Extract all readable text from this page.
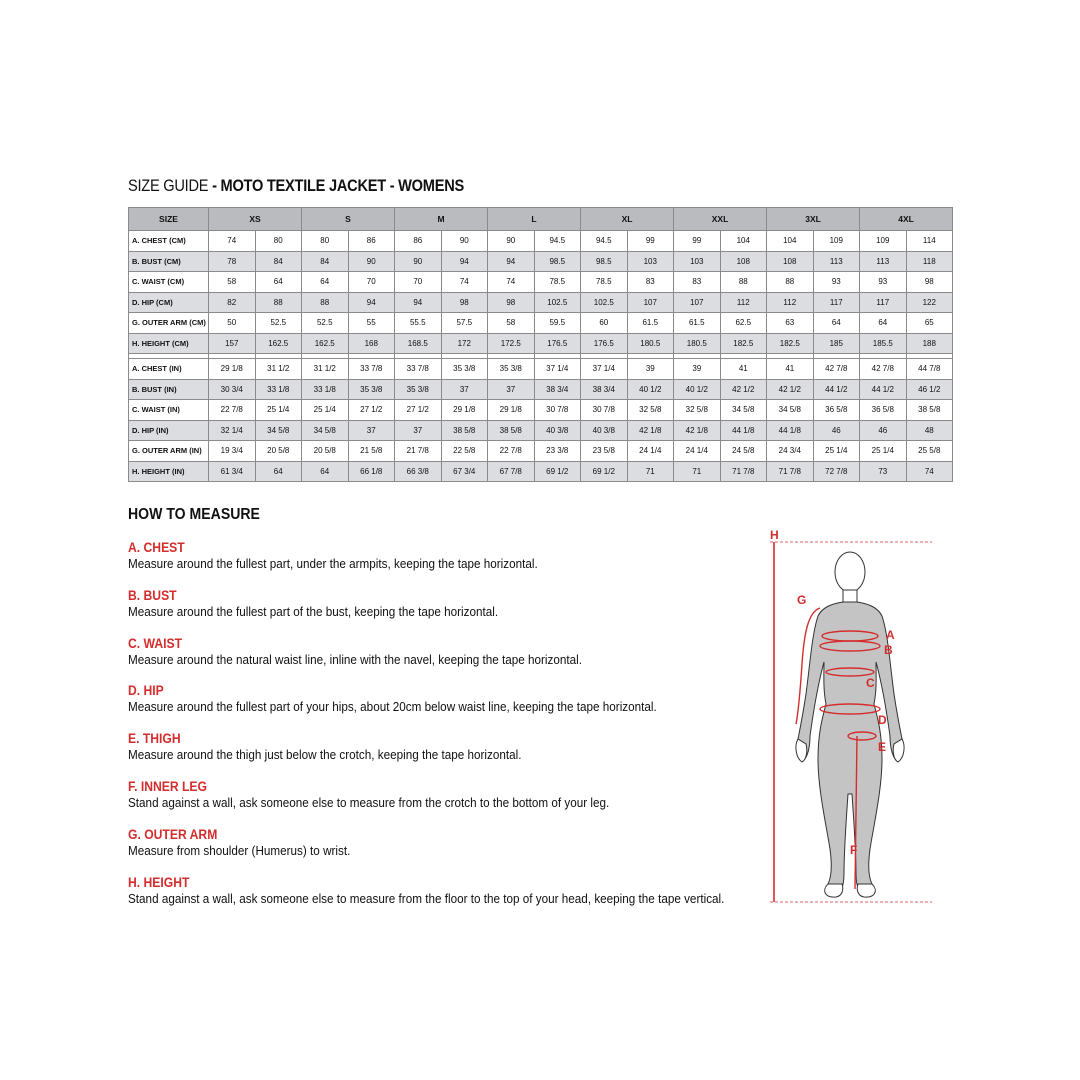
SIZE GUIDE - MOTO TEXTILE JACKET - WOMENS
SIZE	XS		S		M		L		XL		XXL		3XL		4XL	
A. CHEST (CM)	74	80	80	86	86	90	90	94.5	94.5	99	99	104	104	109	109	114
B. BUST (CM)	78	84	84	90	90	94	94	98.5	98.5	103	103	108	108	113	113	118
C. WAIST (CM)	58	64	64	70	70	74	74	78.5	78.5	83	83	88	88	93	93	98
D. HIP (CM)	82	88	88	94	94	98	98	102.5	102.5	107	107	112	112	117	117	122
G. OUTER ARM (CM)	50	52.5	52.5	55	55.5	57.5	58	59.5	60	61.5	61.5	62.5	63	64	64	65
H. HEIGHT (CM)	157	162.5	162.5	168	168.5	172	172.5	176.5	176.5	180.5	180.5	182.5	182.5	185	185.5	188

A. CHEST (IN)	29 1/8	31 1/2	31 1/2	33 7/8	33 7/8	35 3/8	35 3/8	37 1/4	37 1/4	39	39	41	41	42 7/8	42 7/8	44 7/8
B. BUST (IN)	30 3/4	33 1/8	33 1/8	35 3/8	35 3/8	37	37	38 3/4	38 3/4	40 1/2	40 1/2	42 1/2	42 1/2	44 1/2	44 1/2	46 1/2
C. WAIST (IN)	22 7/8	25 1/4	25 1/4	27 1/2	27 1/2	29 1/8	29 1/8	30 7/8	30 7/8	32 5/8	32 5/8	34 5/8	34 5/8	36 5/8	36 5/8	38 5/8
D. HIP (IN)	32 1/4	34 5/8	34 5/8	37	37	38 5/8	38 5/8	40 3/8	40 3/8	42 1/8	42 1/8	44 1/8	44 1/8	46	46	48
G. OUTER ARM (IN)	19 3/4	20 5/8	20 5/8	21 5/8	21 7/8	22 5/8	22 7/8	23 3/8	23 5/8	24 1/4	24 1/4	24 5/8	24 3/4	25 1/4	25 1/4	25 5/8
H. HEIGHT (IN)	61 3/4	64	64	66 1/8	66 3/8	67 3/4	67 7/8	69 1/2	69 1/2	71	71	71 7/8	71 7/8	72 7/8	73	74
HOW TO MEASURE
A. CHEST
Measure around the fullest part, under the armpits, keeping the tape horizontal.
B. BUST
Measure around the fullest part of the bust, keeping the tape horizontal.
C. WAIST
Measure around the natural waist line, inline with the navel, keeping the tape horizontal.
D. HIP
Measure around the fullest part of your hips, about 20cm below waist line, keeping the tape horizontal.
E. THIGH
Measure around the thigh just below the crotch, keeping the tape horizontal.
F. INNER LEG
Stand against a wall, ask someone else to measure from the crotch to the bottom of your leg.
G. OUTER ARM
Measure from shoulder (Humerus) to wrist.
H. HEIGHT
Stand against a wall, ask someone else to measure from the floor to the top of your head, keeping the tape vertical.
H
G
A
B
C
D
E
F
